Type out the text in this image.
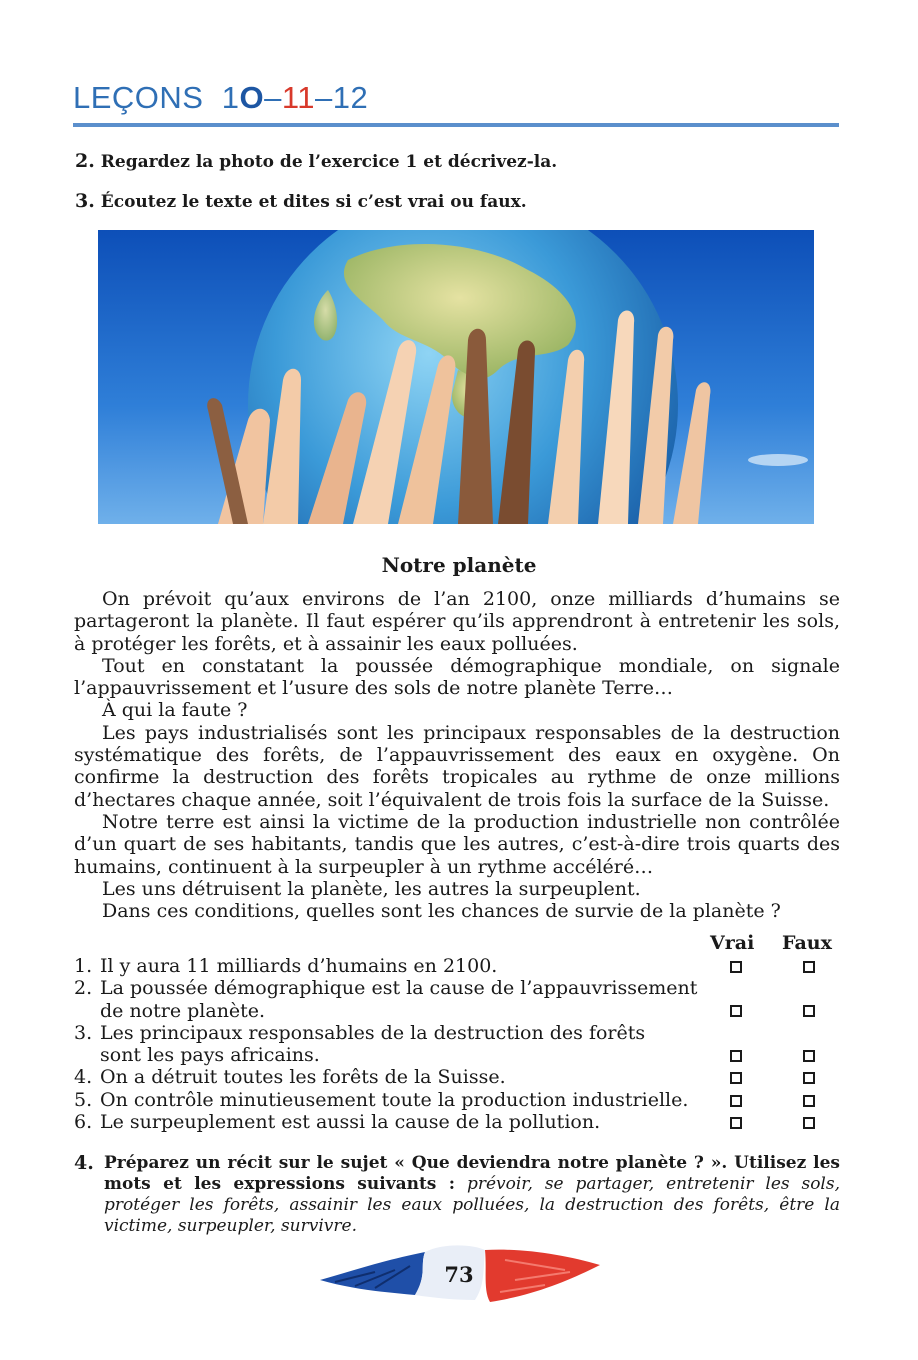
LEÇONS 1O–11–12
2. Regardez la photo de l’exercice 1 et décrivez-la.
3. Écoutez le texte et dites si c’est vrai ou faux.
Notre planète

On prévoit qu’aux environs de l’an 2100, onze milliards d’humains se partageront la planète. Il faut espérer qu’ils apprendront à entretenir les sols, à protéger les forêts, et à assainir les eaux polluées.

Tout en constatant la poussée démographique mondiale, on signale l’appauvrissement et l’usure des sols de notre planète Terre…

À qui la faute ?

Les pays industrialisés sont les principaux responsables de la destruction systématique des forêts, de l’appauvrissement des eaux en oxygène. On confirme la destruction des forêts tropicales au rythme de onze millions d’hectares chaque année, soit l’équivalent de trois fois la surface de la Suisse.

Notre terre est ainsi la victime de la production industrielle non contrôlée d’un quart de ses habitants, tandis que les autres, c’est-à-dire trois quarts des humains, continuent à la surpeupler à un rythme accéléré…

Les uns détruisent la planète, les autres la surpeuplent.

Dans ces conditions, quelles sont les chances de survie de la planète ?

Vrai Faux
1. Il y aura 11 milliards d’humains en 2100.
2. La poussée démographique est la cause de l’appauvrissement
de notre planète.
3. Les principaux responsables de la destruction des forêts
sont les pays africains.
4. On a détruit toutes les forêts de la Suisse.
5. On contrôle minutieusement toute la production industrielle.
6. Le surpeuplement est aussi la cause de la pollution.
4. Préparez un récit sur le sujet « Que deviendra notre planète ? ». Utilisez les mots et les expressions suivants : prévoir, se partager, entretenir les sols, protéger les forêts, assainir les eaux polluées, la destruction des forêts, être la victime, surpeupler, survivre.
73
